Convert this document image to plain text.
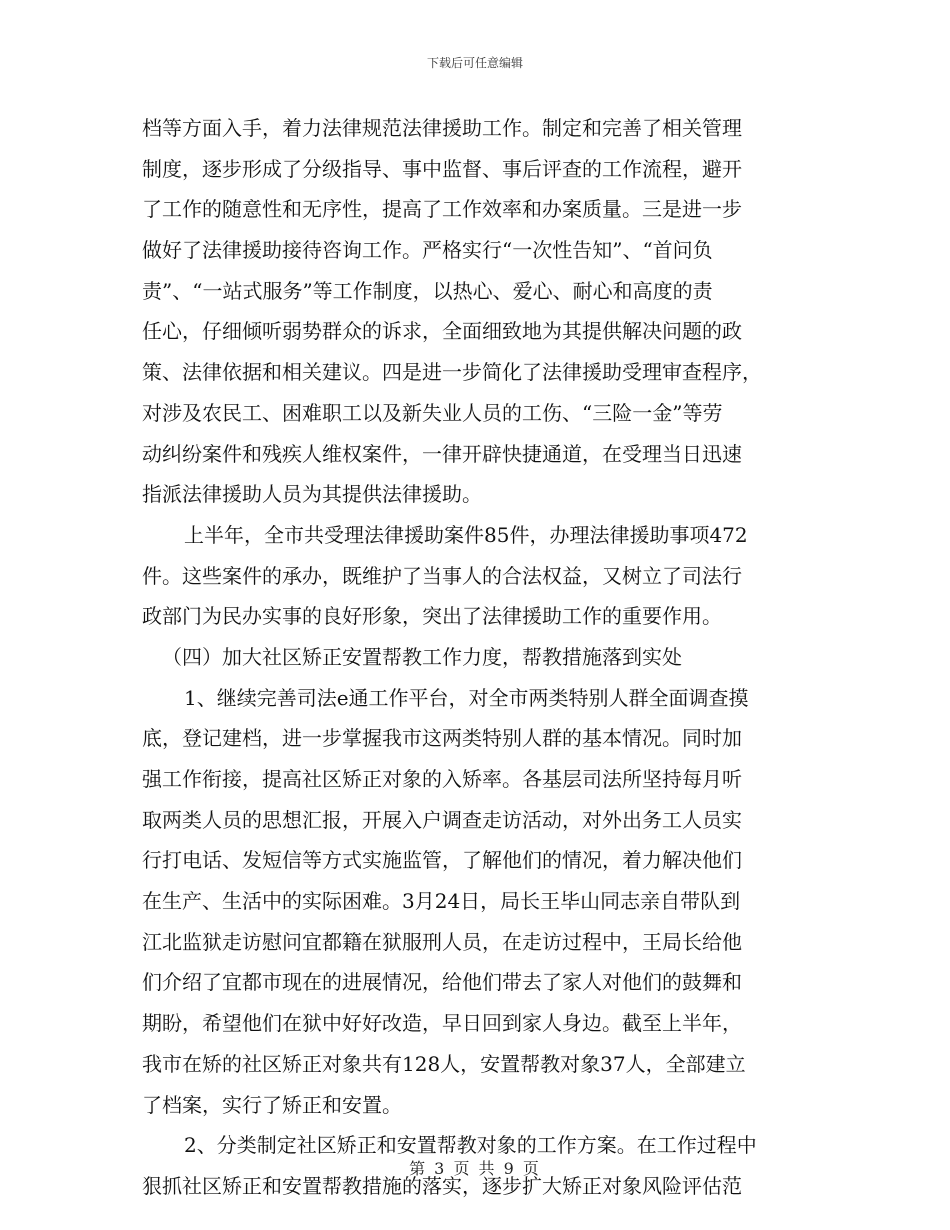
下载后可任意编辑
档等方面入手，着力法律规范法律援助工作。制定和完善了相关管理
制度，逐步形成了分级指导、事中监督、事后评查的工作流程，避开
了工作的随意性和无序性，提高了工作效率和办案质量。三是进一步
做好了法律援助接待咨询工作。严格实行“一次性告知”、“首问负
责”、“一站式服务”等工作制度，以热心、爱心、耐心和高度的责
任心，仔细倾听弱势群众的诉求，全面细致地为其提供解决问题的政
策、法律依据和相关建议。四是进一步简化了法律援助受理审查程序，
对涉及农民工、困难职工以及新失业人员的工伤、“三险一金”等劳
动纠纷案件和残疾人维权案件，一律开辟快捷通道，在受理当日迅速
指派法律援助人员为其提供法律援助。
上半年，全市共受理法律援助案件85件，办理法律援助事项472
件。这些案件的承办，既维护了当事人的合法权益，又树立了司法行
政部门为民办实事的良好形象，突出了法律援助工作的重要作用。
（四）加大社区矫正安置帮教工作力度，帮教措施落到实处
1、继续完善司法e通工作平台，对全市两类特别人群全面调查摸
底，登记建档，进一步掌握我市这两类特别人群的基本情况。同时加
强工作衔接，提高社区矫正对象的入矫率。各基层司法所坚持每月听
取两类人员的思想汇报，开展入户调查走访活动，对外出务工人员实
行打电话、发短信等方式实施监管，了解他们的情况，着力解决他们
在生产、生活中的实际困难。3月24日，局长王毕山同志亲自带队到
江北监狱走访慰问宜都籍在狱服刑人员，在走访过程中，王局长给他
们介绍了宜都市现在的进展情况，给他们带去了家人对他们的鼓舞和
期盼，希望他们在狱中好好改造，早日回到家人身边。截至上半年，
我市在矫的社区矫正对象共有128人，安置帮教对象37人，全部建立
了档案，实行了矫正和安置。
2、分类制定社区矫正和安置帮教对象的工作方案。在工作过程中
狠抓社区矫正和安置帮教措施的落实，逐步扩大矫正对象风险评估范
第 3 页 共 9 页
